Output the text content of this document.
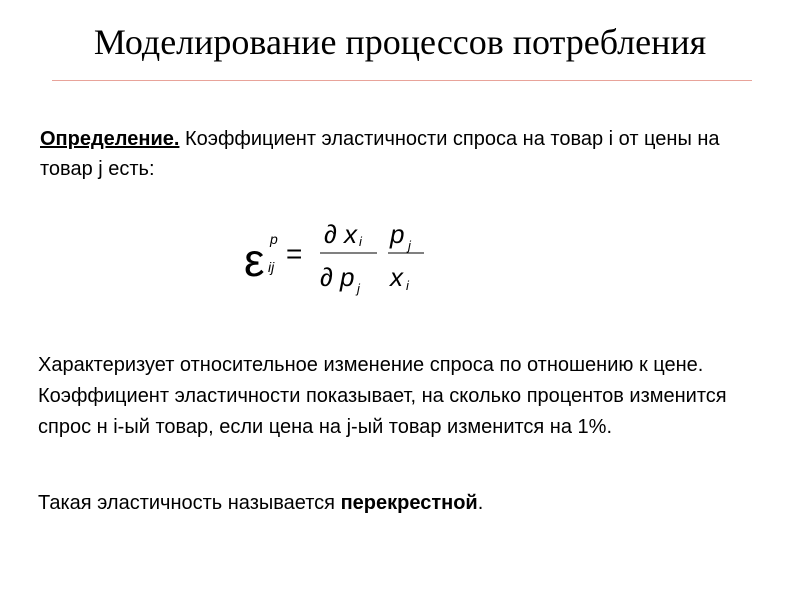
Моделирование процессов потребления

Определение. Коэффициент эластичности спроса на товар i от цены на товар j есть:

ε p
ij =
∂ x i
∂ p j
p j
x i

Характеризует относительное изменение спроса по отношению к цене. Коэффициент эластичности показывает, на сколько процентов изменится спрос н i-ый товар, если цена на j-ый товар изменится на 1%.

Такая эластичность называется перекрестной.
